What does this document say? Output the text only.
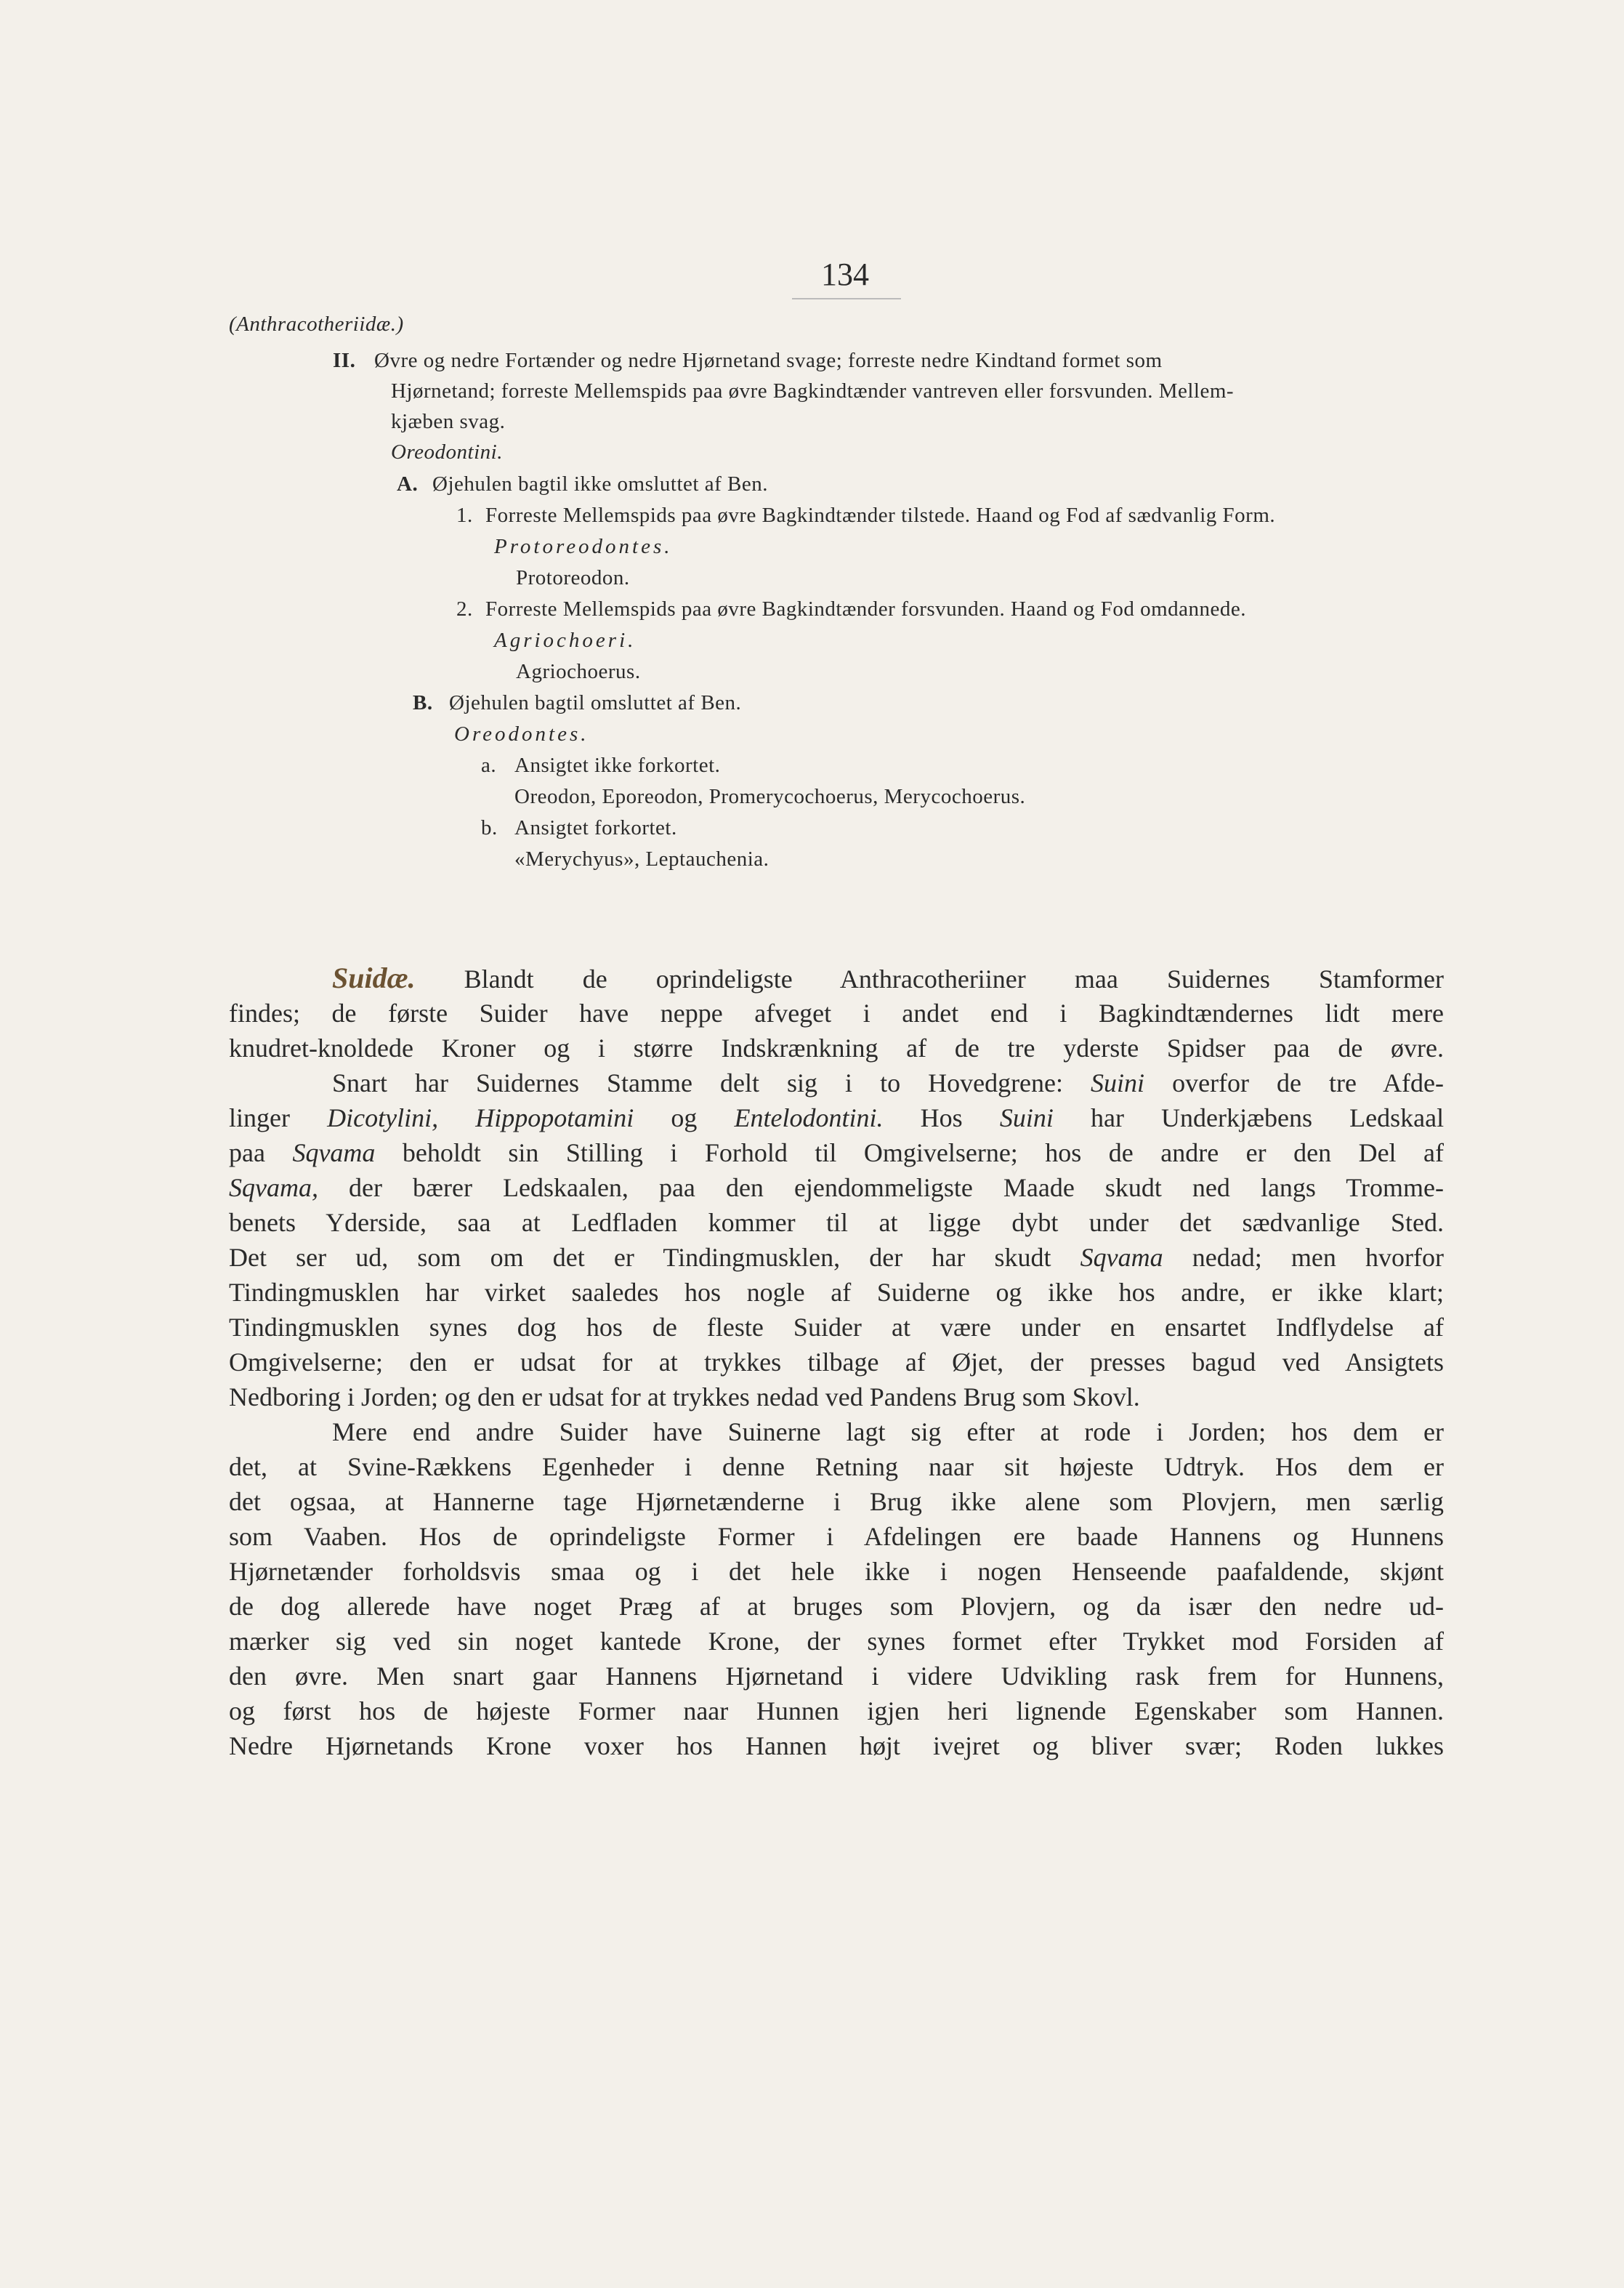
134
(Anthracotheriidæ.)
II. Øvre og nedre Fortænder og nedre Hjørnetand svage; forreste nedre Kindtand formet som
Hjørnetand; forreste Mellemspids paa øvre Bagkindtænder vantreven eller forsvunden. Mellem-
kjæben svag.
Oreodontini.
A. Øjehulen bagtil ikke omsluttet af Ben.
1. Forreste Mellemspids paa øvre Bagkindtænder tilstede. Haand og Fod af sædvanlig Form.
Protoreodontes.
Protoreodon.
2. Forreste Mellemspids paa øvre Bagkindtænder forsvunden. Haand og Fod omdannede.
Agriochoeri.
Agriochoerus.
B. Øjehulen bagtil omsluttet af Ben.
Oreodontes.
a. Ansigtet ikke forkortet.
Oreodon, Eporeodon, Promerycochoerus, Merycochoerus.
b. Ansigtet forkortet.
«Merychyus», Leptauchenia.
Suidæ. Blandt de oprindeligste Anthracotheriiner maa Suidernes Stamformer
findes; de første Suider have neppe afveget i andet end i Bagkindtændernes lidt mere
knudret-knoldede Kroner og i større Indskrænkning af de tre yderste Spidser paa de øvre.
Snart har Suidernes Stamme delt sig i to Hovedgrene: Suini overfor de tre Afde-
linger Dicotylini, Hippopotamini og Entelodontini. Hos Suini har Underkjæbens Ledskaal
paa Sqvama beholdt sin Stilling i Forhold til Omgivelserne; hos de andre er den Del af
Sqvama, der bærer Ledskaalen, paa den ejendommeligste Maade skudt ned langs Tromme-
benets Yderside, saa at Ledfladen kommer til at ligge dybt under det sædvanlige Sted.
Det ser ud, som om det er Tindingmusklen, der har skudt Sqvama nedad; men hvorfor
Tindingmusklen har virket saaledes hos nogle af Suiderne og ikke hos andre, er ikke klart;
Tindingmusklen synes dog hos de fleste Suider at være under en ensartet Indflydelse af
Omgivelserne; den er udsat for at trykkes tilbage af Øjet, der presses bagud ved Ansigtets
Nedboring i Jorden; og den er udsat for at trykkes nedad ved Pandens Brug som Skovl.
Mere end andre Suider have Suinerne lagt sig efter at rode i Jorden; hos dem er
det, at Svine-Rækkens Egenheder i denne Retning naar sit højeste Udtryk. Hos dem er
det ogsaa, at Hannerne tage Hjørnetænderne i Brug ikke alene som Plovjern, men særlig
som Vaaben. Hos de oprindeligste Former i Afdelingen ere baade Hannens og Hunnens
Hjørnetænder forholdsvis smaa og i det hele ikke i nogen Henseende paafaldende, skjønt
de dog allerede have noget Præg af at bruges som Plovjern, og da især den nedre ud-
mærker sig ved sin noget kantede Krone, der synes formet efter Trykket mod Forsiden af
den øvre. Men snart gaar Hannens Hjørnetand i videre Udvikling rask frem for Hunnens,
og først hos de højeste Former naar Hunnen igjen heri lignende Egenskaber som Hannen.
Nedre Hjørnetands Krone voxer hos Hannen højt ivejret og bliver svær; Roden lukkes
